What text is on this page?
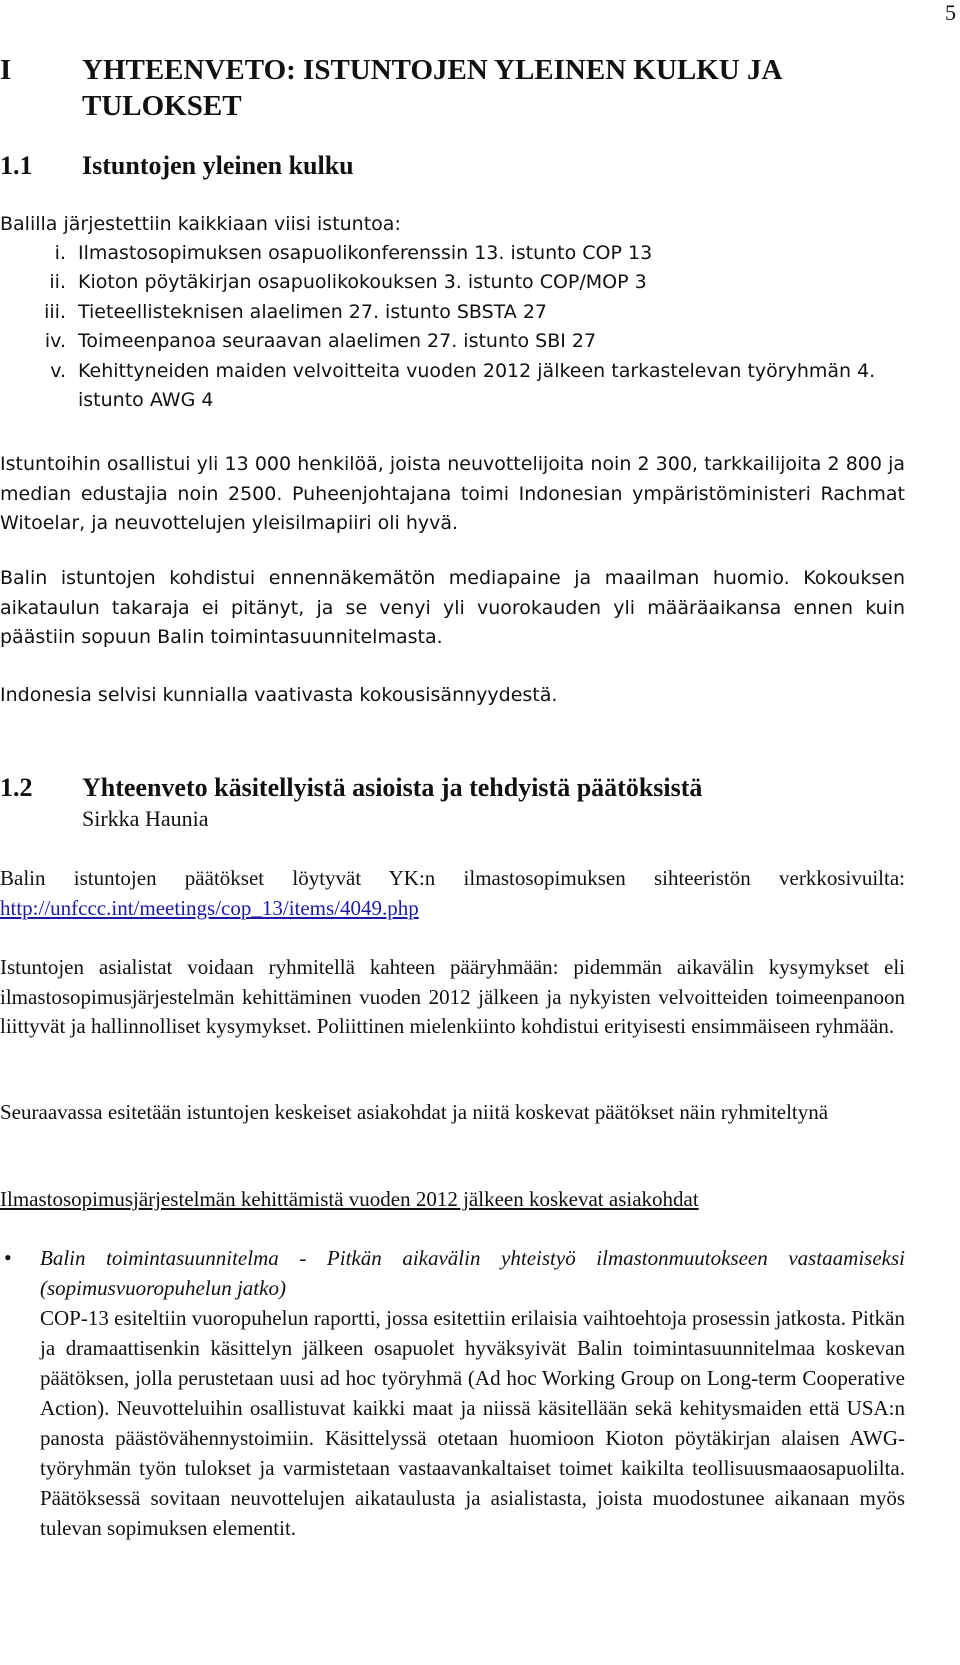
5
I YHTEENVETO: ISTUNTOJEN YLEINEN KULKU JA TULOKSET
1.1 Istuntojen yleinen kulku
Balilla järjestettiin kaikkiaan viisi istuntoa:
i. Ilmastosopimuksen osapuolikonferenssin 13. istunto COP 13
ii. Kioton pöytäkirjan osapuolikokouksen 3. istunto COP/MOP 3
iii. Tieteellisteknisen alaelimen 27. istunto SBSTA 27
iv. Toimeenpanoa seuraavan alaelimen 27. istunto SBI 27
v. Kehittyneiden maiden velvoitteita vuoden 2012 jälkeen tarkastelevan työryhmän 4. istunto AWG 4
Istuntoihin osallistui yli 13 000 henkilöä, joista neuvottelijoita noin 2 300, tarkkailijoita 2 800 ja median edustajia noin 2500. Puheenjohtajana toimi Indonesian ympäristöministeri Rachmat Witoelar, ja neuvottelujen yleisilmapiiri oli hyvä.
Balin istuntojen kohdistui ennennäkemätön mediapaine ja maailman huomio. Kokouksen aikataulun takaraja ei pitänyt, ja se venyi yli vuorokauden yli määräaikansa ennen kuin päästiin sopuun Balin toimintasuunnitelmasta.
Indonesia selvisi kunnialla vaativasta kokousisännyydestä.
1.2 Yhteenveto käsitellyistä asioista ja tehdyistä päätöksistä
Sirkka Haunia
Balin istuntojen päätökset löytyvät YK:n ilmastosopimuksen sihteeristön verkkosivuilta: http://unfccc.int/meetings/cop_13/items/4049.php
Istuntojen asialistat voidaan ryhmitellä kahteen pääryhmään: pidemmän aikavälin kysymykset eli ilmastosopimusjärjestelmän kehittäminen vuoden 2012 jälkeen ja nykyisten velvoitteiden toimeenpanoon liittyvät ja hallinnolliset kysymykset. Poliittinen mielenkiinto kohdistui erityisesti ensimmäiseen ryhmään.
Seuraavassa esitetään istuntojen keskeiset asiakohdat ja niitä koskevat päätökset näin ryhmiteltynä
Ilmastosopimusjärjestelmän kehittämistä vuoden 2012 jälkeen koskevat asiakohdat
• Balin toimintasuunnitelma - Pitkän aikavälin yhteistyö ilmastonmuutokseen vastaamiseksi (sopimusvuoropuhelun jatko)
COP-13 esiteltiin vuoropuhelun raportti, jossa esitettiin erilaisia vaihtoehtoja prosessin jatkosta. Pitkän ja dramaattisenkin käsittelyn jälkeen osapuolet hyväksyivät Balin toimintasuunnitelmaa koskevan päätöksen, jolla perustetaan uusi ad hoc työryhmä (Ad hoc Working Group on Long-term Cooperative Action). Neuvotteluihin osallistuvat kaikki maat ja niissä käsitellään sekä kehitysmaiden että USA:n panosta päästövähennystoimiin. Käsittelyssä otetaan huomioon Kioton pöytäkirjan alaisen AWG-työryhmän työn tulokset ja varmistetaan vastaavankaltaiset toimet kaikilta teollisuusmaaosapuolilta. Päätöksessä sovitaan neuvottelujen aikataulusta ja asialistasta, joista muodostunee aikanaan myös tulevan sopimuksen elementit.
